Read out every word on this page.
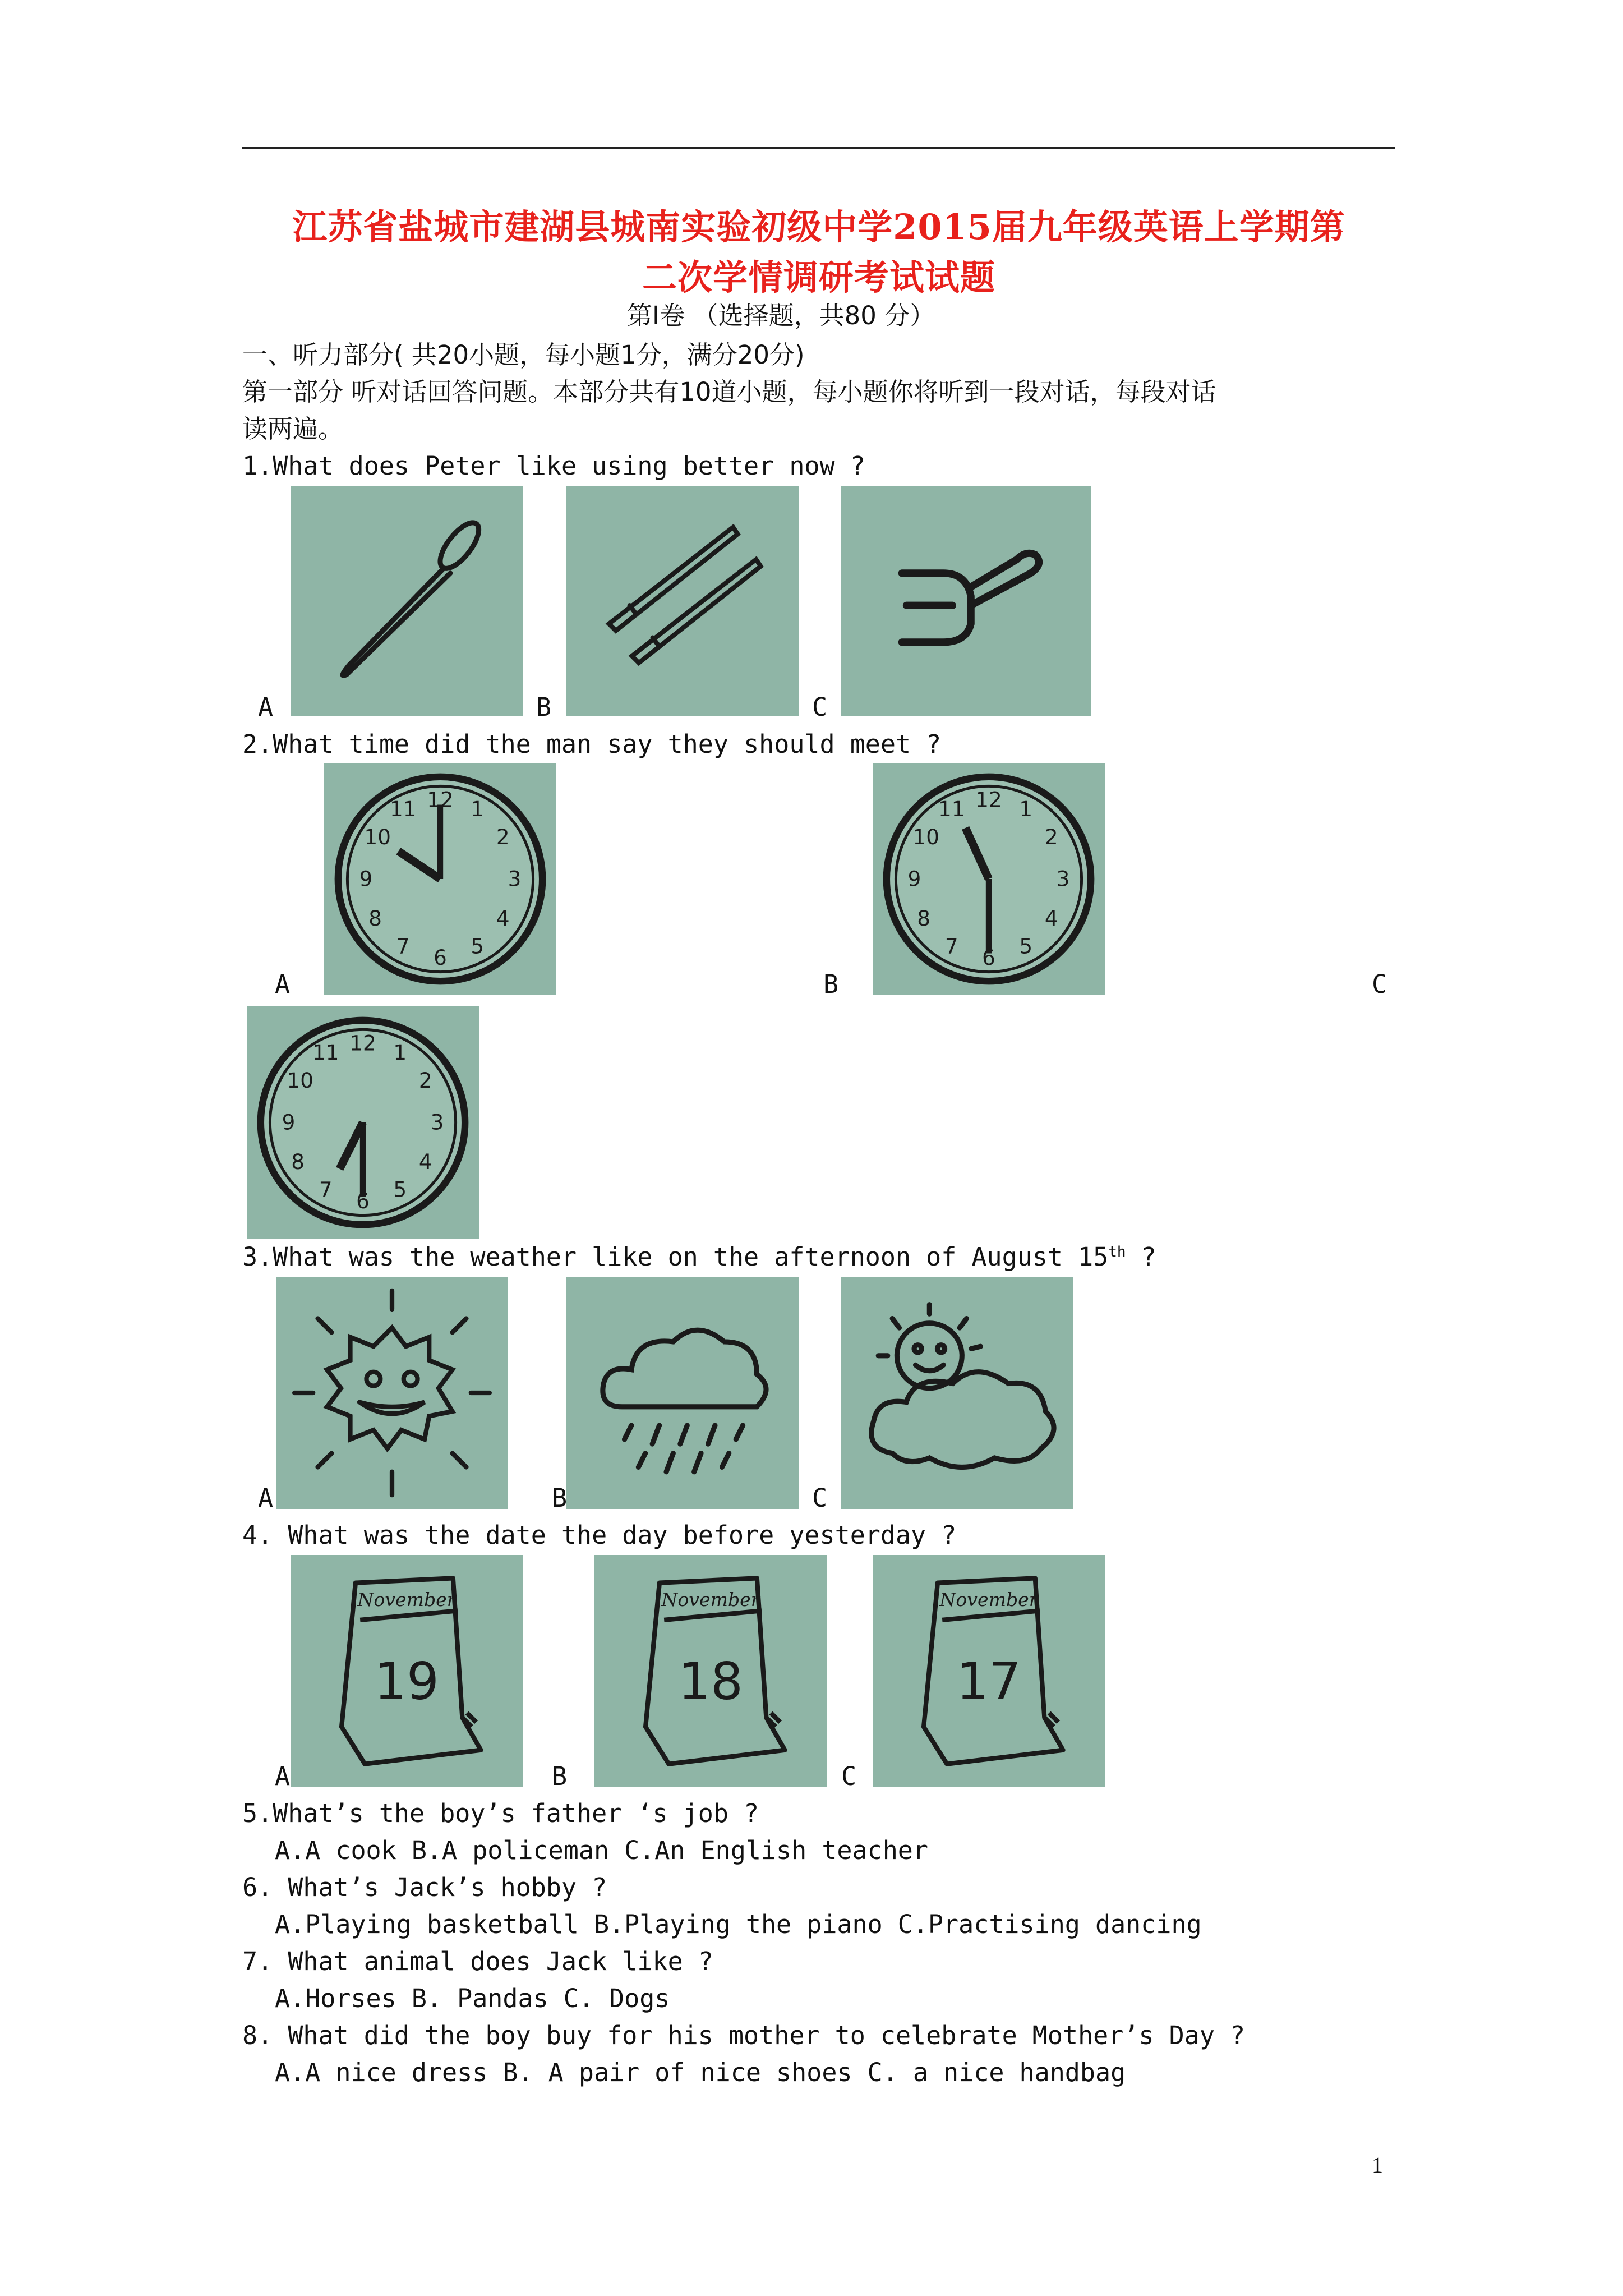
江苏省盐城市建湖县城南实验初级中学2015届九年级英语上学期第
二次学情调研考试试题
第I卷 （选择题，共80 分）
一、听力部分( 共20小题，每小题1分，满分20分)
第一部分 听对话回答问题。本部分共有10道小题，每小题你将听到一段对话，每段对话
读两遍。
1.What does Peter like using better now ?
A	B	C
2.What time did the man say they should meet ?
12	1
2
3
4
5
6
7
8
9
10
11	12	1
2
3
4
5
6
7
8
9
10
11
A	B	C
12	1
2
3
4
5
6
7
8
9
10
11
3.What was the weather like on the afternoon of August 15th ?
A	B	C
4. What was the date the day before yesterday ?
November
19
November
18
November
17
A	B	C
5.What’s the boy’s father ‘s job ?
A.A cook B.A policeman C.An English teacher
6. What’s Jack’s hobby ?
A.Playing basketball B.Playing the piano C.Practising dancing
7. What animal does Jack like ?
A.Horses B. Pandas C. Dogs
8. What did the boy buy for his mother to celebrate Mother’s Day ?
A.A nice dress B. A pair of nice shoes C. a nice handbag
1
